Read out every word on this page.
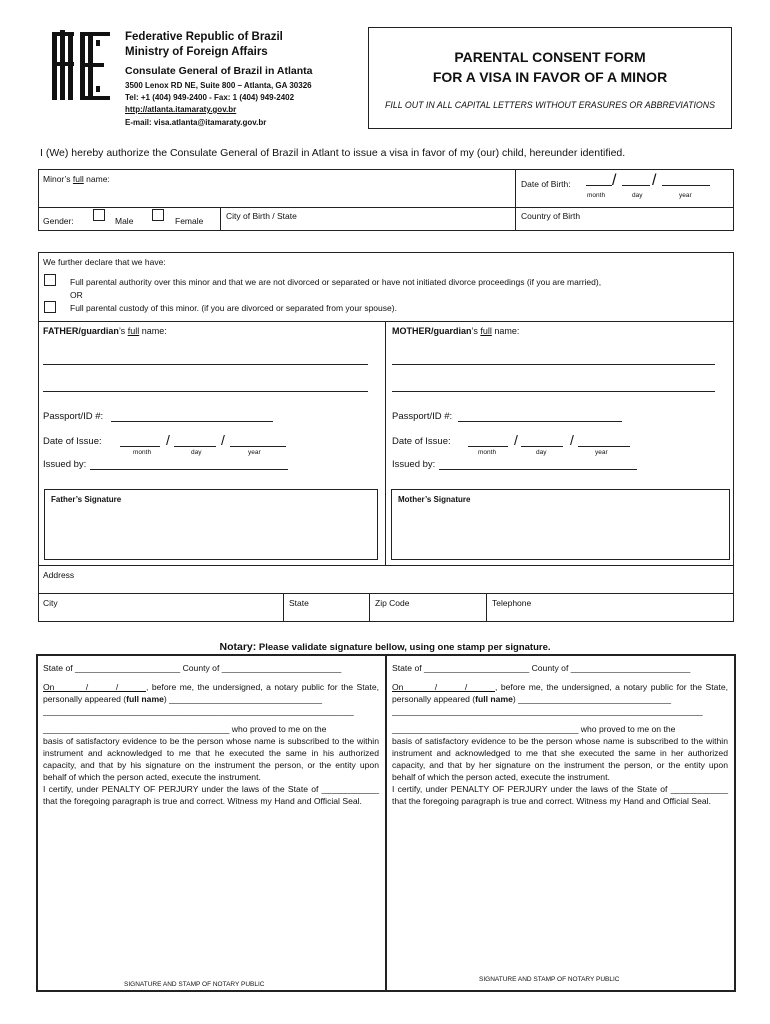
Federative Republic of Brazil
Ministry of Foreign Affairs
Consulate General of Brazil in Atlanta
3500 Lenox RD NE, Suite 800 – Atlanta, GA 30326
Tel: +1 (404) 949-2400 - Fax: 1 (404) 949-2402
http://atlanta.itamaraty.gov.br
E-mail: visa.atlanta@itamaraty.gov.br
PARENTAL CONSENT FORM
FOR A VISA IN FAVOR OF A MINOR
FILL OUT IN ALL CAPITAL LETTERS WITHOUT ERASURES OR ABBREVIATIONS
I (We) hereby authorize the Consulate General of Brazil in Atlant to issue a visa in favor of my (our) child, hereunder identified.
Minor’s full name:	Date of Birth:	/ /
month	day	year
Gender:	Male	Female	City of Birth / State	Country of Birth
We further declare that we have:
Full parental authority over this minor and that we are not divorced or separated or have not initiated divorce proceedings (if you are married),
OR
Full parental custody of this minor. (if you are divorced or separated from your spouse).
FATHER/guardian’s full name:
Passport/ID #:
Date of Issue:	/	/
month	day	year
Issued by:
Father’s Signature
MOTHER/guardian’s full name:
Passport/ID #:
Date of Issue:	/	/
month	day	year
Issued by:
Mother’s Signature
Address
City	State	Zip Code	Telephone
Notary: Please validate signature bellow, using one stamp per signature.
State of ______________________ County of _________________________
On         /        /        , before me, the undersigned, a notary public for the State, personally appeared (full name) ________________________________
_________________________________________________________________
_______________________________________ who proved to me on the
basis of satisfactory evidence to be the person whose name is subscribed to the within instrument and acknowledged to me that he executed the same in his authorized capacity, and that by his signature on the instrument the person, or the entity upon behalf of which the person acted, execute the instrument.
I certify, under PENALTY OF PERJURY under the laws of the State of ____________ that the foregoing paragraph is true and correct. Witness my Hand and Official Seal.
SIGNATURE AND STAMP OF NOTARY PUBLIC
State of ______________________ County of _________________________
On         /        /        , before me, the undersigned, a notary public for the State, personally appeared (full name) ________________________________
_________________________________________________________________
_______________________________________ who proved to me on the
basis of satisfactory evidence to be the person whose name is subscribed to the within instrument and acknowledged to me that she executed the same in her authorized capacity, and that by her signature on the instrument the person, or the entity upon behalf of which the person acted, execute the instrument.
I certify, under PENALTY OF PERJURY under the laws of the State of ____________ that the foregoing paragraph is true and correct. Witness my Hand and Official Seal.
SIGNATURE AND STAMP OF NOTARY PUBLIC
